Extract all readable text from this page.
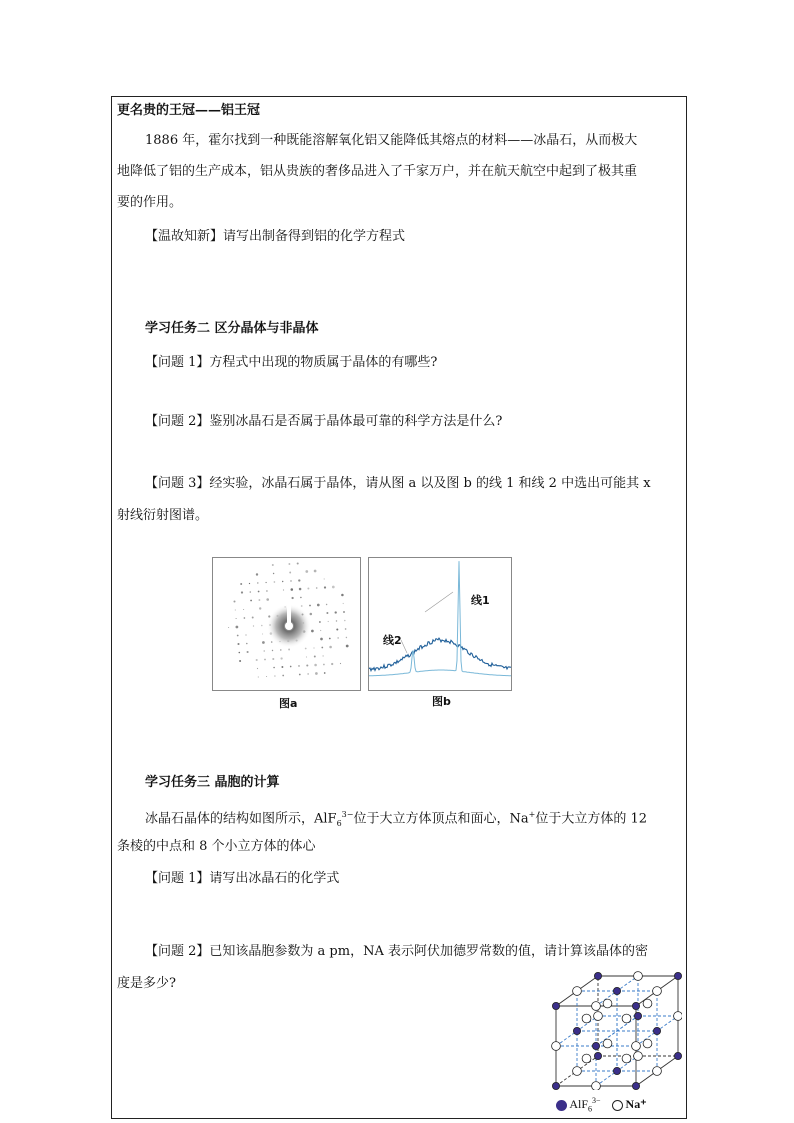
更名贵的王冠——铝王冠
1886 年，霍尔找到一种既能溶解氧化铝又能降低其熔点的材料——冰晶石，从而极大
地降低了铝的生产成本，铝从贵族的奢侈品进入了千家万户，并在航天航空中起到了极其重
要的作用。
【温故知新】请写出制备得到铝的化学方程式
学习任务二 区分晶体与非晶体
【问题 1】方程式中出现的物质属于晶体的有哪些?
【问题 2】鉴别冰晶石是否属于晶体最可靠的科学方法是什么?
【问题 3】经实验，冰晶石属于晶体，请从图 a 以及图 b 的线 1 和线 2 中选出可能其 x
射线衍射图谱。
图a
线1
线2
图b
学习任务三 晶胞的计算
冰晶石晶体的结构如图所示，AlF$_6^{3-}$位于大立方体顶点和面心，Na+位于大立方体的 12
条棱的中点和 8 个小立方体的体心
【问题 1】请写出冰晶石的化学式
【问题 2】已知该晶胞参数为 a pm，NA 表示阿伏加德罗常数的值，请计算该晶体的密
度是多少?
AlF$_6^{3-}$ Na⁺
